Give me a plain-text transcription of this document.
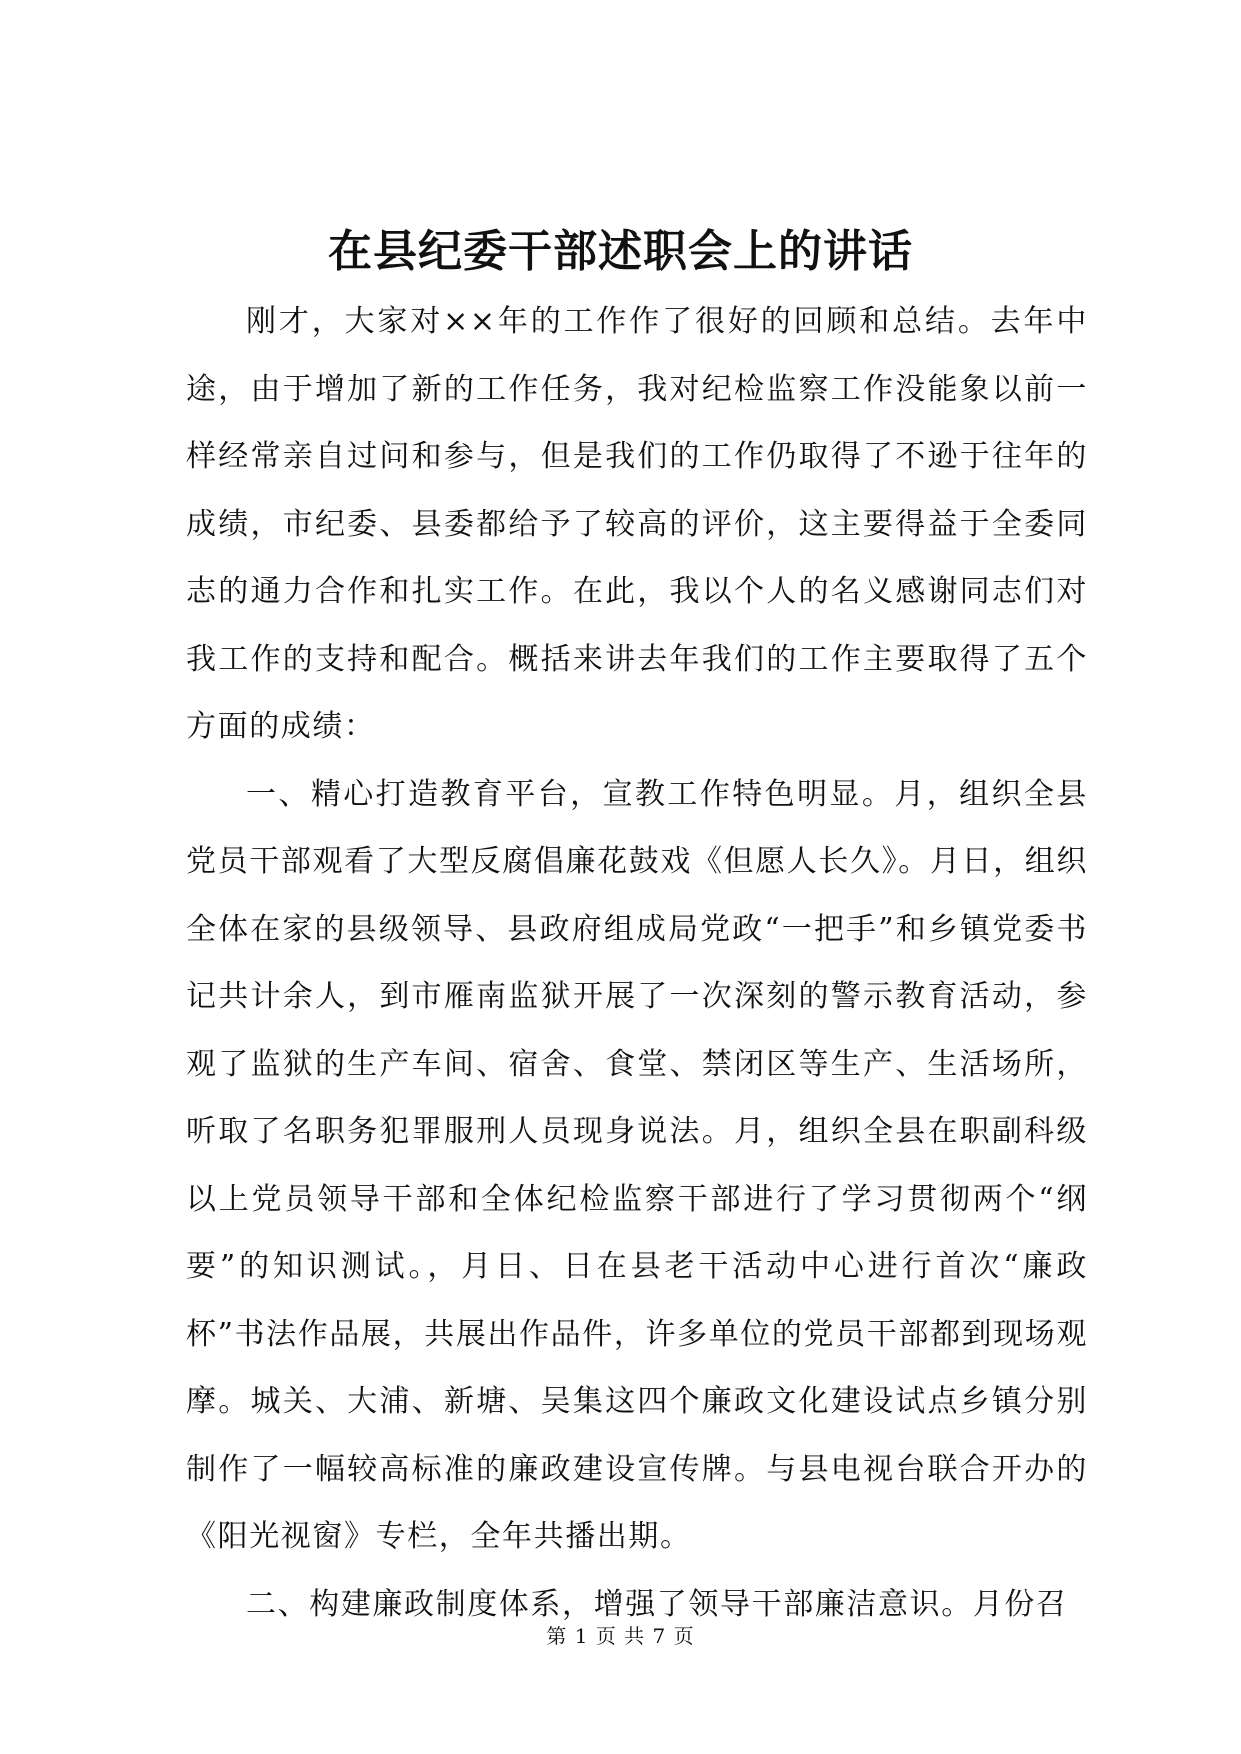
在县纪委干部述职会上的讲话

刚才，大家对××年的工作作了很好的回顾和总结。去年中途，由于增加了新的工作任务，我对纪检监察工作没能象以前一样经常亲自过问和参与，但是我们的工作仍取得了不逊于往年的成绩，市纪委、县委都给予了较高的评价，这主要得益于全委同志的通力合作和扎实工作。在此，我以个人的名义感谢同志们对我工作的支持和配合。概括来讲去年我们的工作主要取得了五个方面的成绩：

一、精心打造教育平台，宣教工作特色明显。月，组织全县党员干部观看了大型反腐倡廉花鼓戏《但愿人长久》。月日，组织全体在家的县级领导、县政府组成局党政“一把手”和乡镇党委书记共计余人，到市雁南监狱开展了一次深刻的警示教育活动，参观了监狱的生产车间、宿舍、食堂、禁闭区等生产、生活场所，听取了名职务犯罪服刑人员现身说法。月，组织全县在职副科级以上党员领导干部和全体纪检监察干部进行了学习贯彻两个“纲要”的知识测试。，月日、日在县老干活动中心进行首次“廉政杯”书法作品展，共展出作品件，许多单位的党员干部都到现场观摩。城关、大浦、新塘、吴集这四个廉政文化建设试点乡镇分别制作了一幅较高标准的廉政建设宣传牌。与县电视台联合开办的《阳光视窗》专栏，全年共播出期。

二、构建廉政制度体系，增强了领导干部廉洁意识。月份召

第 1 页 共 7 页
